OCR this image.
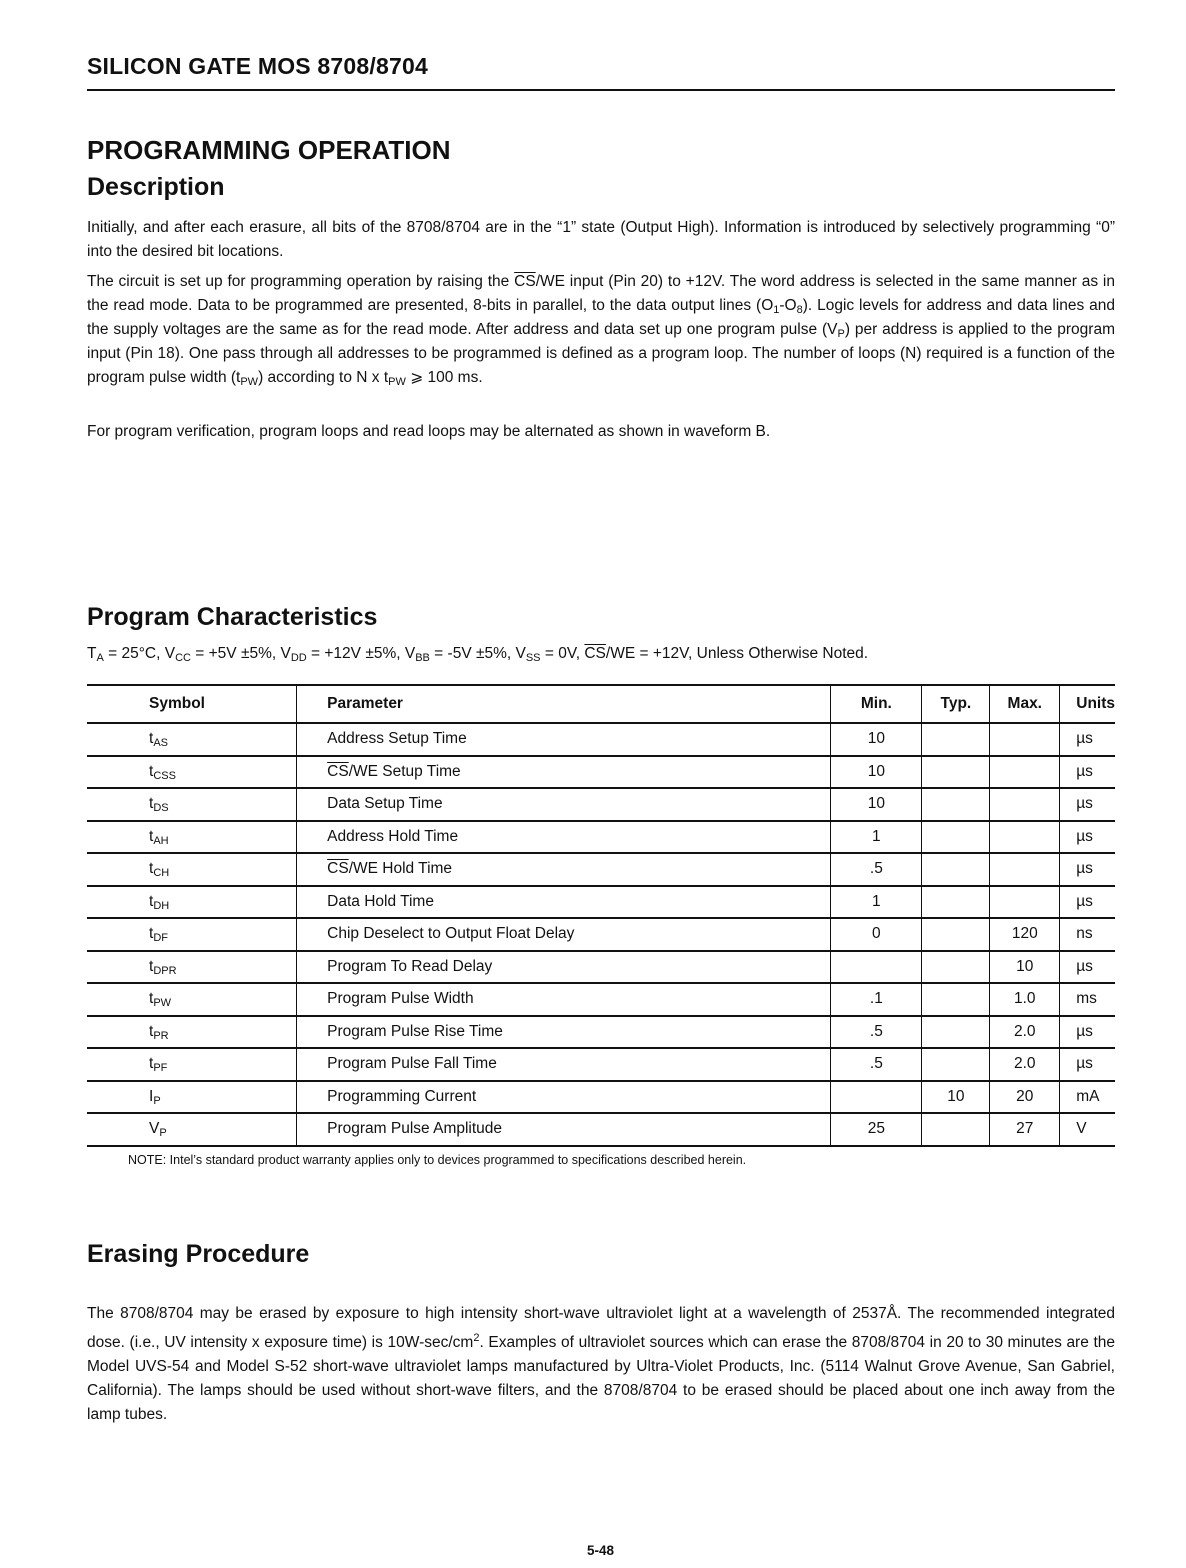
SILICON GATE MOS 8708/8704
PROGRAMMING OPERATION
Description
Initially, and after each erasure, all bits of the 8708/8704 are in the “1” state (Output High). Information is introduced by selectively programming “0” into the desired bit locations.
The circuit is set up for programming operation by raising the $\overline{CS}/WE$ input (Pin 20) to +12V. The word address is selected in the same manner as in the read mode. Data to be programmed are presented, 8-bits in parallel, to the data output lines $(O_1-O_8)$. Logic levels for address and data lines and the supply voltages are the same as for the read mode. After address and data set up one program pulse $(V_P)$ per address is applied to the program input (Pin 18). One pass through all addresses to be programmed is defined as a program loop. The number of loops (N) required is a function of the program pulse width $(t_{PW})$ according to N x $t_{PW}$ ⩾ 100 ms.
For program verification, program loops and read loops may be alternated as shown in waveform B.
Program Characteristics
$T_A = 25^\circ C$, $V_{CC} = +5V \pm 5\%$, $V_{DD} = +12V \pm 5\%$, $V_{BB} = -5V \pm 5\%$, $V_{SS} = 0V$, $\overline{CS}/WE = +12V$, Unless Otherwise Noted.
Symbol	Parameter	Min.	Typ.	Max.	Units
$t_{AS}$	Address Setup Time	10			µs
$t_{CSS}$	$\overline{CS}/WE$ Setup Time	10			µs
$t_{DS}$	Data Setup Time	10			µs
$t_{AH}$	Address Hold Time	1			µs
$t_{CH}$	$\overline{CS}/WE$ Hold Time	.5			µs
$t_{DH}$	Data Hold Time	1			µs
$t_{DF}$	Chip Deselect to Output Float Delay	0		120	ns
$t_{DPR}$	Program To Read Delay			10	µs
$t_{PW}$	Program Pulse Width	.1		1.0	ms
$t_{PR}$	Program Pulse Rise Time	.5		2.0	µs
$t_{PF}$	Program Pulse Fall Time	.5		2.0	µs
$I_P$	Programming Current		10	20	mA
$V_P$	Program Pulse Amplitude	25		27	V
NOTE: Intel’s standard product warranty applies only to devices programmed to specifications described herein.
Erasing Procedure
The 8708/8704 may be erased by exposure to high intensity short-wave ultraviolet light at a wavelength of 2537Å. The recommended integrated dose. (i.e., UV intensity x exposure time) is $10W-\sec/cm^2$. Examples of ultraviolet sources which can erase the 8708/8704 in 20 to 30 minutes are the Model UVS-54 and Model S-52 short-wave ultraviolet lamps manufactured by Ultra-Violet Products, Inc. (5114 Walnut Grove Avenue, San Gabriel, California). The lamps should be used without short-wave filters, and the 8708/8704 to be erased should be placed about one inch away from the lamp tubes.
5-48
